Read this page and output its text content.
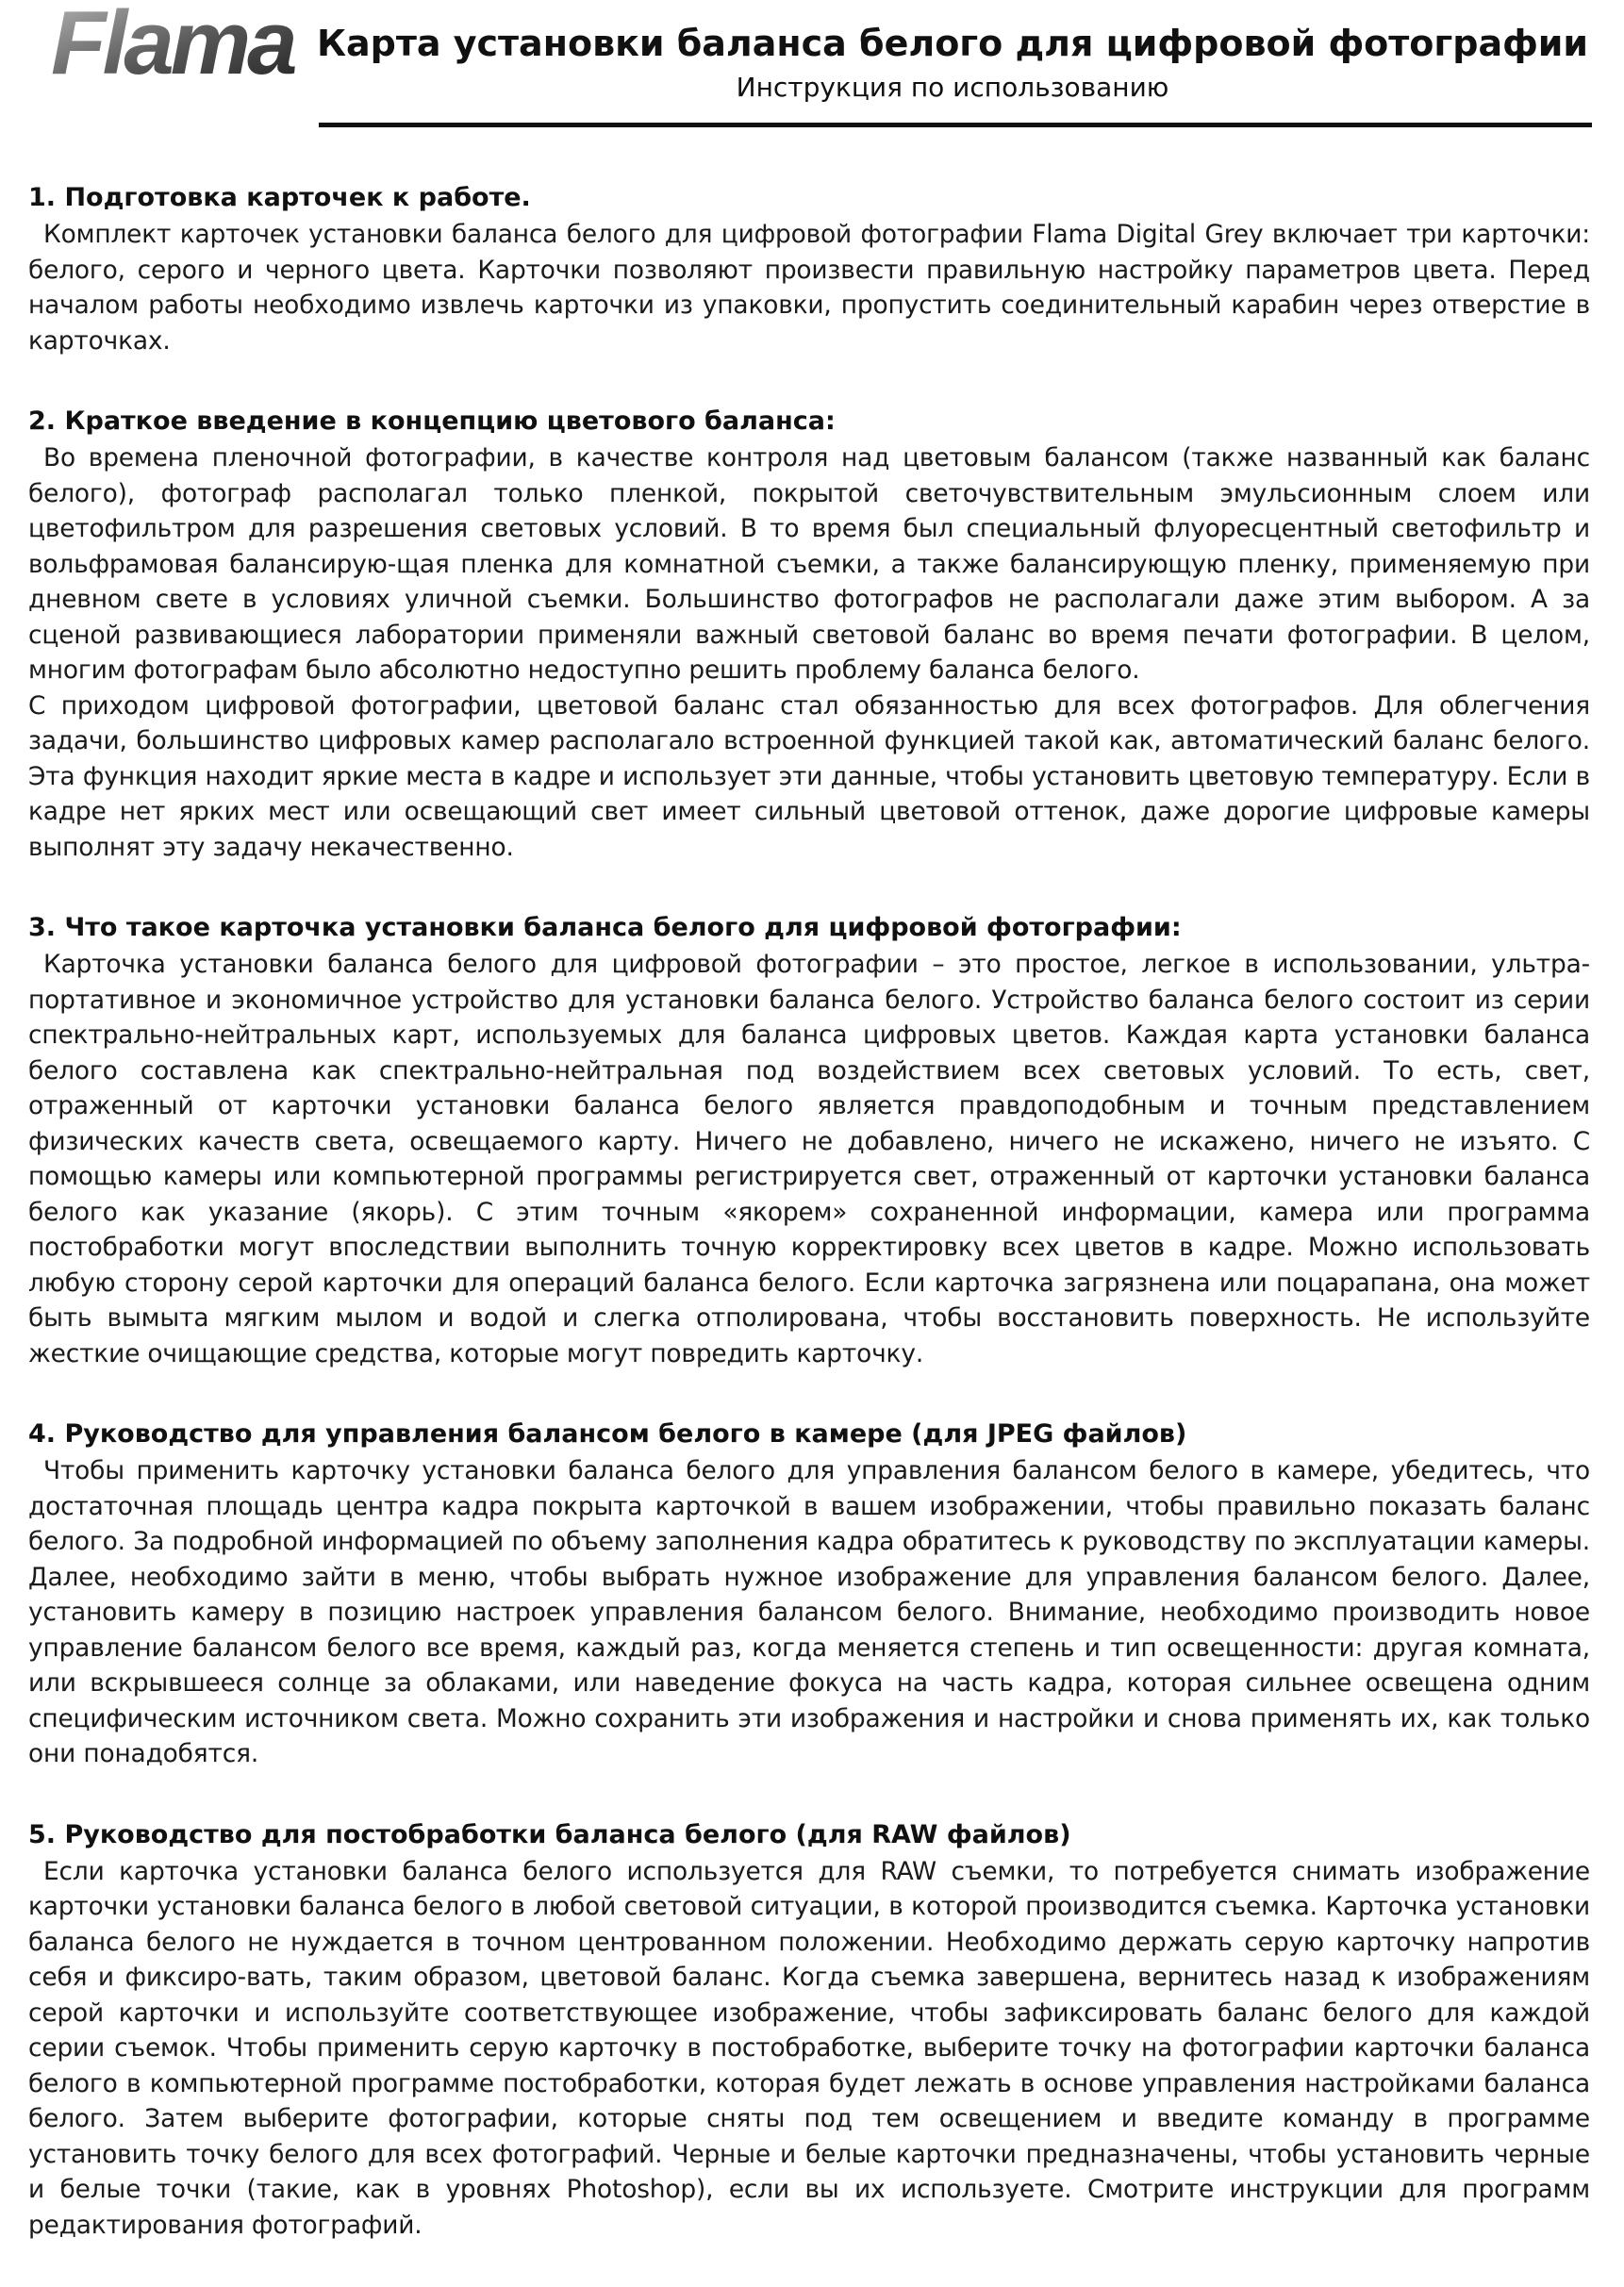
Flama Карта установки баланса белого для цифровой фотографии
Инструкция по использованию
1. Подготовка карточек к работе.

Комплект карточек установки баланса белого для цифровой фотографии Flama Digital Grey включает три карточки: белого, серого и черного цвета. Карточки позволяют произвести правильную настройку параметров цвета. Перед началом работы необходимо извлечь карточки из упаковки, пропустить соединительный карабин через отверстие в карточках.

2. Краткое введение в концепцию цветового баланса:

Во времена пленочной фотографии, в качестве контроля над цветовым балансом (также названный как баланс белого), фотограф располагал только пленкой, покрытой светочувствительным эмульсионным слоем или цветофильтром для разрешения световых условий. В то время был специальный флуоресцентный светофильтр и вольфрамовая балансирую-щая пленка для комнатной съемки, а также балансирующую пленку, применяемую при дневном свете в условиях уличной съемки. Большинство фотографов не располагали даже этим выбором. А за сценой развивающиеся лаборатории применяли важный световой баланс во время печати фотографии. В целом, многим фотографам было абсолютно недоступно решить проблему баланса белого.

С приходом цифровой фотографии, цветовой баланс стал обязанностью для всех фотографов. Для облегчения задачи, большинство цифровых камер располагало встроенной функцией такой как, автоматический баланс белого. Эта функция находит яркие места в кадре и использует эти данные, чтобы установить цветовую температуру. Если в кадре нет ярких мест или освещающий свет имеет сильный цветовой оттенок, даже дорогие цифровые камеры выполнят эту задачу некачественно.

3. Что такое карточка установки баланса белого для цифровой фотографии:

Карточка установки баланса белого для цифровой фотографии – это простое, легкое в использовании, ультра-портативное и экономичное устройство для установки баланса белого. Устройство баланса белого состоит из серии спектрально-нейтральных карт, используемых для баланса цифровых цветов. Каждая карта установки баланса белого составлена как спектрально-нейтральная под воздействием всех световых условий. То есть, свет, отраженный от карточки установки баланса белого является правдоподобным и точным представлением физических качеств света, освещаемого карту. Ничего не добавлено, ничего не искажено, ничего не изъято. С помощью камеры или компьютерной программы регистрируется свет, отраженный от карточки установки баланса белого как указание (якорь). С этим точным «якорем» сохраненной информации, камера или программа постобработки могут впоследствии выполнить точную корректировку всех цветов в кадре. Можно использовать любую сторону серой карточки для операций баланса белого. Если карточка загрязнена или поцарапана, она может быть вымыта мягким мылом и водой и слегка отполирована, чтобы восстановить поверхность. Не используйте жесткие очищающие средства, которые могут повредить карточку.

4. Руководство для управления балансом белого в камере (для JPEG файлов)

Чтобы применить карточку установки баланса белого для управления балансом белого в камере, убедитесь, что достаточная площадь центра кадра покрыта карточкой в вашем изображении, чтобы правильно показать баланс белого. За подробной информацией по объему заполнения кадра обратитесь к руководству по эксплуатации камеры. Далее, необходимо зайти в меню, чтобы выбрать нужное изображение для управления балансом белого. Далее, установить камеру в позицию настроек управления балансом белого. Внимание, необходимо производить новое управление балансом белого все время, каждый раз, когда меняется степень и тип освещенности: другая комната, или вскрывшееся солнце за облаками, или наведение фокуса на часть кадра, которая сильнее освещена одним специфическим источником света. Можно сохранить эти изображения и настройки и снова применять их, как только они понадобятся.

5. Руководство для постобработки баланса белого (для RAW файлов)

Если карточка установки баланса белого используется для RAW съемки, то потребуется снимать изображение карточки установки баланса белого в любой световой ситуации, в которой производится съемка. Карточка установки баланса белого не нуждается в точном центрованном положении. Необходимо держать серую карточку напротив себя и фиксиро-вать, таким образом, цветовой баланс. Когда съемка завершена, вернитесь назад к изображениям серой карточки и используйте соответствующее изображение, чтобы зафиксировать баланс белого для каждой серии съемок. Чтобы применить серую карточку в постобработке, выберите точку на фотографии карточки баланса белого в компьютерной программе постобработки, которая будет лежать в основе управления настройками баланса белого. Затем выберите фотографии, которые сняты под тем освещением и введите команду в программе установить точку белого для всех фотографий. Черные и белые карточки предназначены, чтобы установить черные и белые точки (такие, как в уровнях Photoshop), если вы их используете. Смотрите инструкции для программ редактирования фотографий.
